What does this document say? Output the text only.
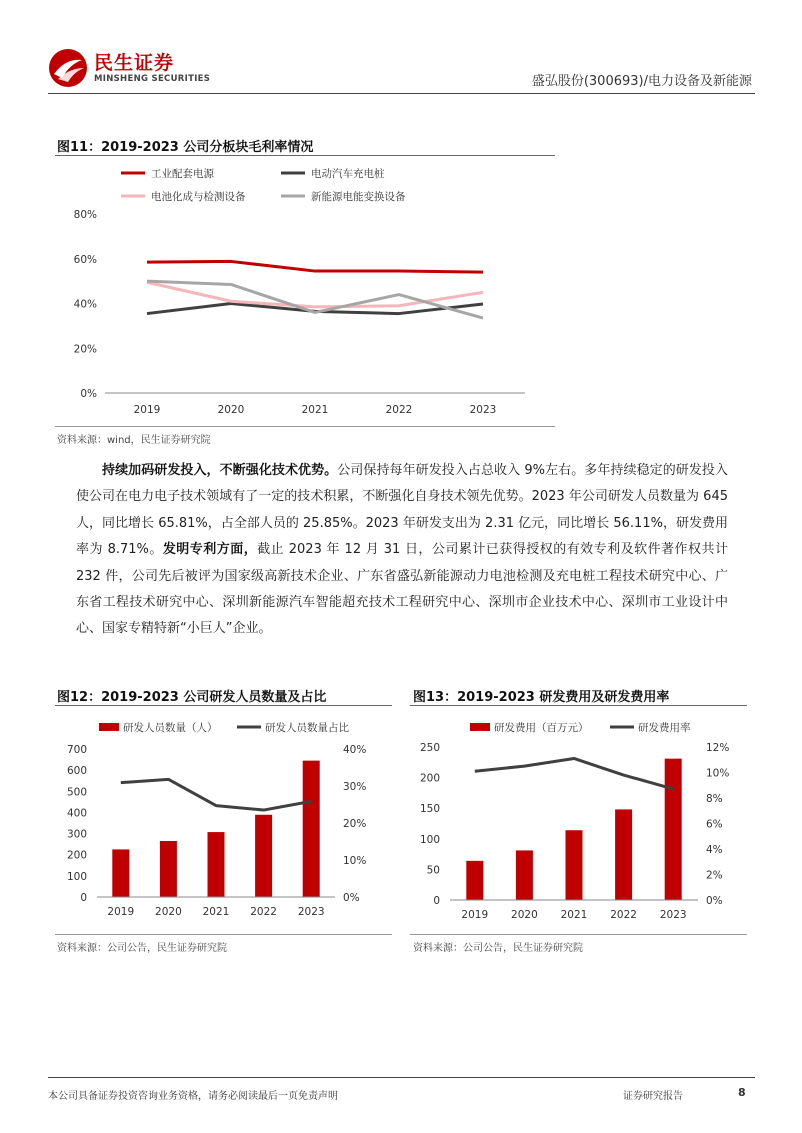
民生证券
MINSHENG SECURITIES	盛弘股份(300693)/电力设备及新能源
图11：2019-2023 公司分板块毛利率情况
工业配套电源	电动汽车充电桩
电池化成与检测设备	新能源电能变换设备
0%
20%
40%
60%
80%
2019	2020	2021	2022	2023
资料来源：wind，民生证券研究院

持续加码研发投入，不断强化技术优势。公司保持每年研发投入占总收入 9%左右。多年持续稳定的研发投入使公司在电力电子技术领域有了一定的技术积累，不断强化自身技术领先优势。2023 年公司研发人员数量为 645 人，同比增长 65.81%，占全部人员的 25.85%。2023 年研发支出为 2.31 亿元，同比增长 56.11%，研发费用率为 8.71%。发明专利方面，截止 2023 年 12 月 31 日，公司累计已获得授权的有效专利及软件著作权共计 232 件，公司先后被评为国家级高新技术企业、广东省盛弘新能源动力电池检测及充电桩工程技术研究中心、广东省工程技术研究中心、深圳新能源汽车智能超充技术工程研究中心、深圳市企业技术中心、深圳市工业设计中心、国家专精特新“小巨人”企业。

图12：2019-2023 公司研发人员数量及占比
研发人员数量（人）	研发人员数量占比
0
100
200
300
400
500
600
700
0%
10%
20%
30%
40%
2019 2020 2021 2022 2023
资料来源：公司公告，民生证券研究院
图13：2019-2023 研发费用及研发费用率
研发费用（百万元）	研发费用率
0
50
100
150
200
250
0%
2%
4%
6%
8%
10%
12%
2019 2020 2021 2022 2023
资料来源：公司公告，民生证券研究院
本公司具备证券投资咨询业务资格，请务必阅读最后一页免责声明	证券研究报告	8
